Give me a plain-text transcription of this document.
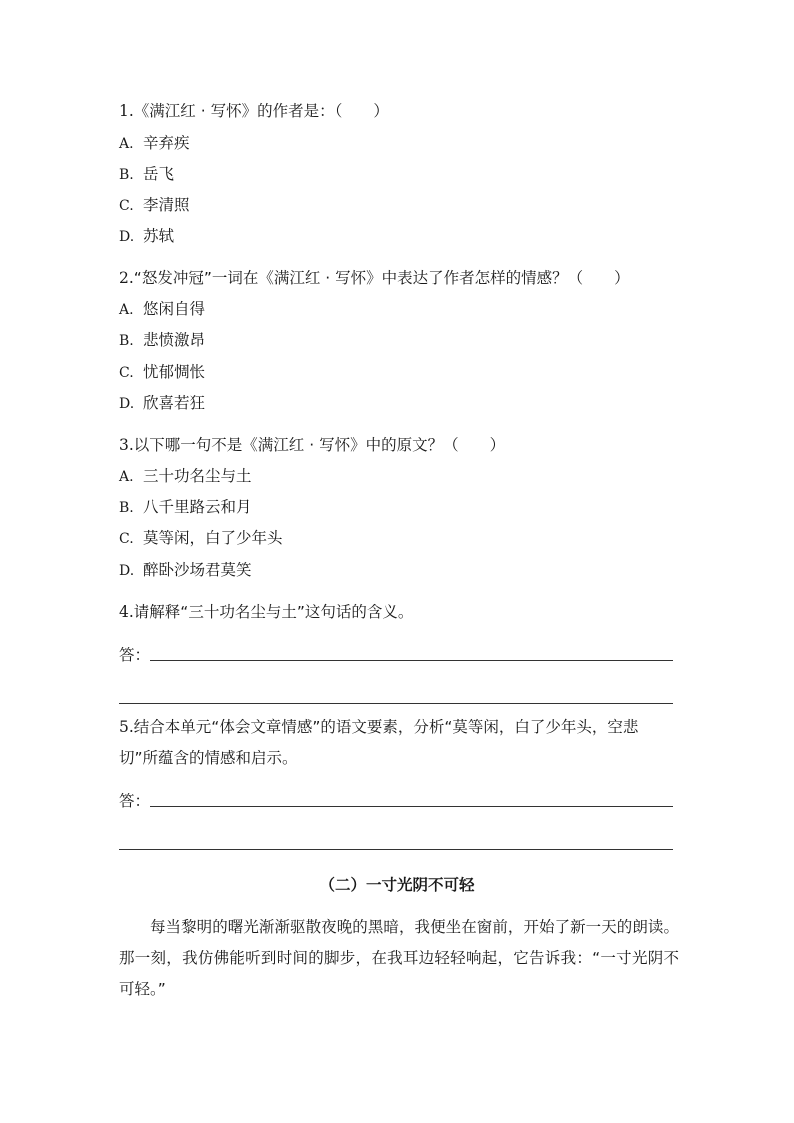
1.《满江红 · 写怀》的作者是：（　　）
A. 辛弃疾
B. 岳飞
C. 李清照
D. 苏轼
2.“怒发冲冠”一词在《满江红 · 写怀》中表达了作者怎样的情感？（　　）
A. 悠闲自得
B. 悲愤激昂
C. 忧郁惆怅
D. 欣喜若狂
3.以下哪一句不是《满江红 · 写怀》中的原文？（　　）
A. 三十功名尘与土
B. 八千里路云和月
C. 莫等闲，白了少年头
D. 醉卧沙场君莫笑
4.请解释“三十功名尘与土”这句话的含义。
答：
5.结合本单元“体会文章情感”的语文要素，分析“莫等闲，白了少年头，空悲
切”所蕴含的情感和启示。
答：
（二）一寸光阴不可轻
每当黎明的曙光渐渐驱散夜晚的黑暗，我便坐在窗前，开始了新一天的朗读。那一刻，我仿佛能听到时间的脚步，在我耳边轻轻响起，它告诉我：“一寸光阴不可轻。”
